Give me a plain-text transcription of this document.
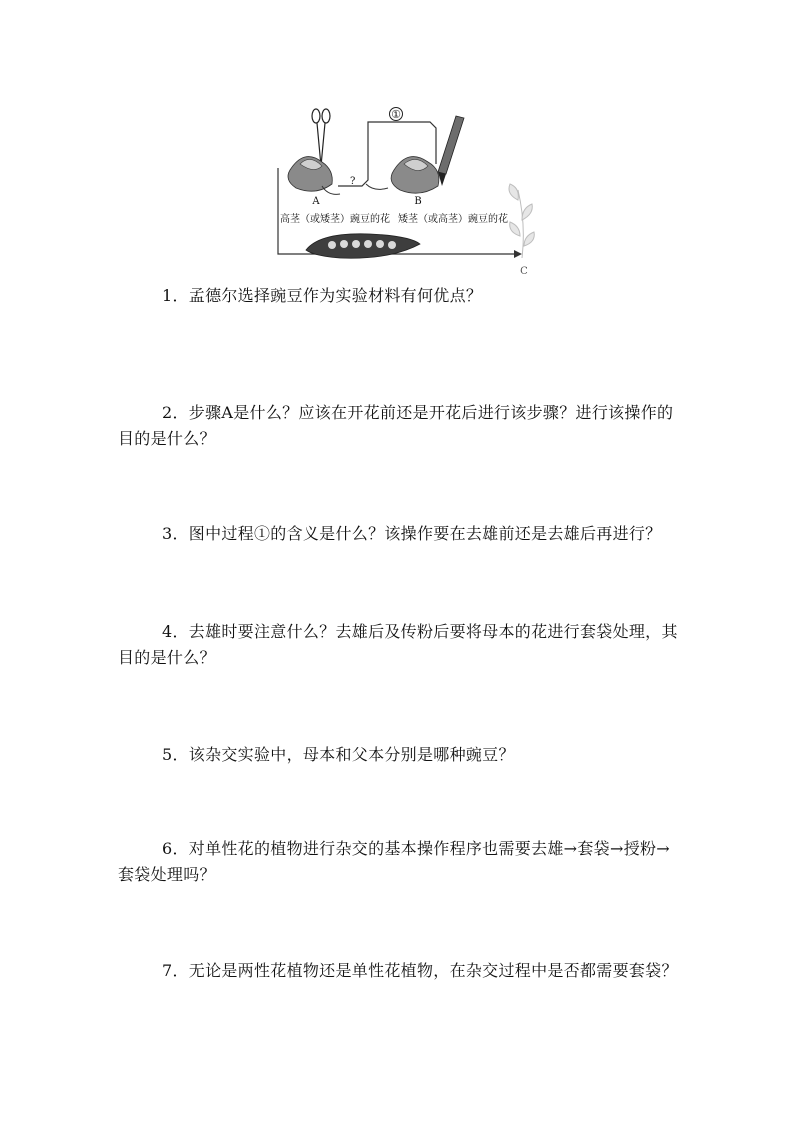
①
?
A	B
高茎（或矮茎）豌豆的花 矮茎（或高茎）豌豆的花
C

1．孟德尔选择豌豆作为实验材料有何优点？

2．步骤A是什么？应该在开花前还是开花后进行该步骤？进行该操作的目的是什么？

3．图中过程①的含义是什么？该操作要在去雄前还是去雄后再进行？

4．去雄时要注意什么？去雄后及传粉后要将母本的花进行套袋处理，其目的是什么？

5．该杂交实验中，母本和父本分别是哪种豌豆？

6．对单性花的植物进行杂交的基本操作程序也需要去雄→套袋→授粉→套袋处理吗？

7．无论是两性花植物还是单性花植物，在杂交过程中是否都需要套袋？
